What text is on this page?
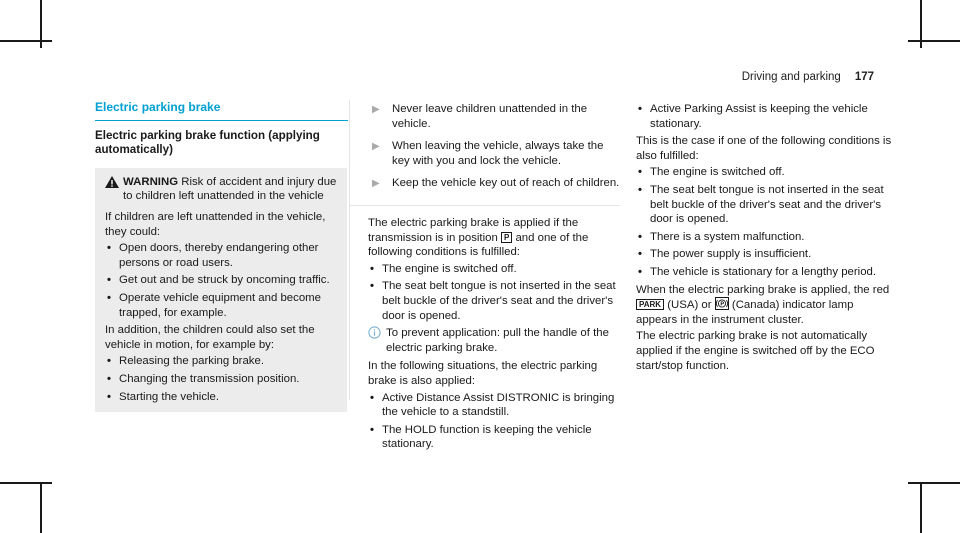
Driving and parking 177
Electric parking brake
Electric parking brake function (applying automatically)
WARNING Risk of accident and injury due to children left unattended in the vehicle

If children are left unattended in the vehicle, they could:

• Open doors, thereby endangering other persons or road users.
• Get out and be struck by oncoming traffic.
• Operate vehicle equipment and become trapped, for example.

In addition, the children could also set the vehicle in motion, for example by:

• Releasing the parking brake.
• Changing the transmission position.
• Starting the vehicle.
▶ Never leave children unattended in the vehicle.
▶ When leaving the vehicle, always take the key with you and lock the vehicle.
▶ Keep the vehicle key out of reach of children.

The electric parking brake is applied if the transmission is in position P and one of the following conditions is fulfilled:

• The engine is switched off.
• The seat belt tongue is not inserted in the seat belt buckle of the driver's seat and the driver's door is opened.
To prevent application: pull the handle of the electric parking brake.

In the following situations, the electric parking brake is also applied:

• Active Distance Assist DISTRONIC is bringing the vehicle to a standstill.
• The HOLD function is keeping the vehicle stationary.
• Active Parking Assist is keeping the vehicle stationary.

This is the case if one of the following conditions is also fulfilled:

• The engine is switched off.
• The seat belt tongue is not inserted in the seat belt buckle of the driver's seat and the driver's door is opened.
• There is a system malfunction.
• The power supply is insufficient.
• The vehicle is stationary for a lengthy period.

When the electric parking brake is applied, the red PARK (USA) or P (Canada) indicator lamp appears in the instrument cluster.

The electric parking brake is not automatically applied if the engine is switched off by the ECO start/stop function.
